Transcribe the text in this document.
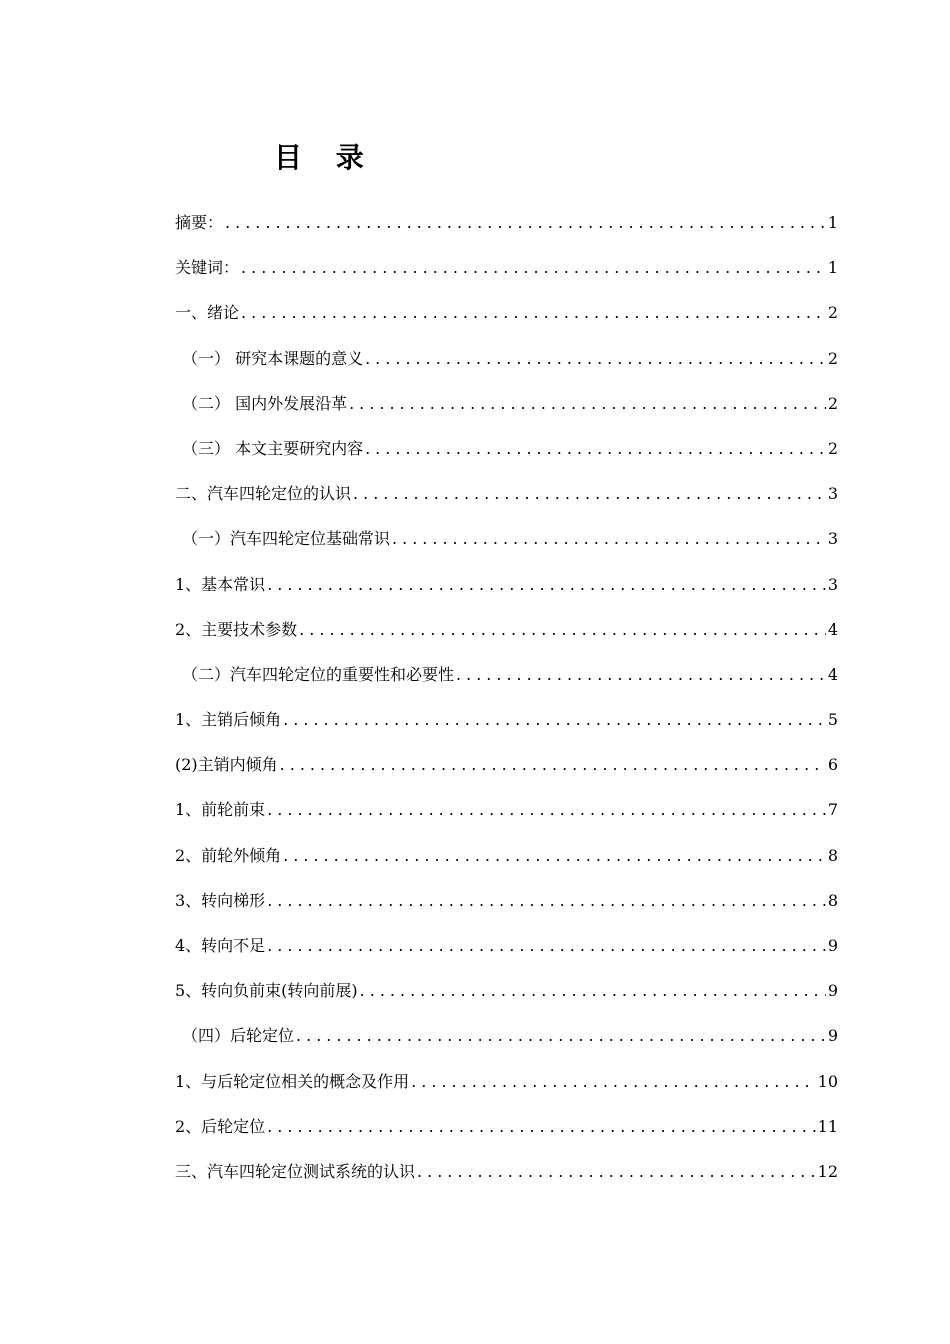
目 录
摘要： .....	1
关键词： .....	1
一、绪论 .....	2
（一） 研究本课题的意义 .....	2
（二） 国内外发展沿革 .....	2
（三） 本文主要研究内容 .....	2
二、汽车四轮定位的认识 .....	3
（一）汽车四轮定位基础常识 .....	3
1、基本常识 .....	3
2、主要技术参数 .....	4
（二）汽车四轮定位的重要性和必要性 .....	4
1、主销后倾角 .....	5
(2)主销内倾角 .....	6
1、前轮前束 .....	7
2、前轮外倾角 .....	8
3、转向梯形 .....	8
4、转向不足 .....	9
5、转向负前束(转向前展) .....	9
（四）后轮定位 .....	9
1、与后轮定位相关的概念及作用 .....	10
2、后轮定位 .....	11
三、汽车四轮定位测试系统的认识 .....	12
